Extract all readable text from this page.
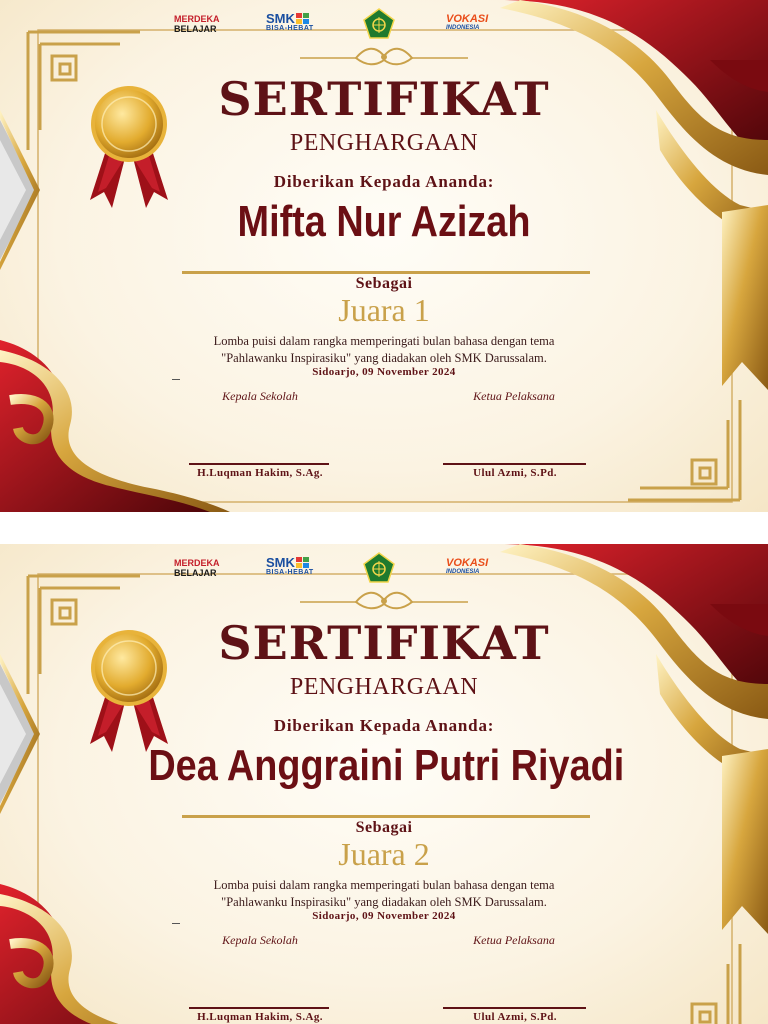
MERDEKA
BELAJAR
SMK
BISA-HEBAT
VOKASI
INDONESIA
SERTIFIKAT
PENGHARGAAN
Diberikan Kepada Ananda:
Mifta Nur Azizah
Sebagai
Juara 1
Lomba puisi dalam rangka memperingati bulan bahasa dengan tema
"Pahlawanku Inspirasiku" yang diadakan oleh SMK Darussalam.
Sidoarjo, 09 November 2024
Kepala Sekolah	Ketua Pelaksana
H.Luqman Hakim, S.Ag.	Ulul Azmi, S.Pd.
MERDEKA
BELAJAR
SMK
BISA-HEBAT
VOKASI
INDONESIA
SERTIFIKAT
PENGHARGAAN
Diberikan Kepada Ananda:
Dea Anggraini Putri Riyadi
Sebagai
Juara 2
Lomba puisi dalam rangka memperingati bulan bahasa dengan tema
"Pahlawanku Inspirasiku" yang diadakan oleh SMK Darussalam.
Sidoarjo, 09 November 2024
Kepala Sekolah	Ketua Pelaksana
H.Luqman Hakim, S.Ag.	Ulul Azmi, S.Pd.
